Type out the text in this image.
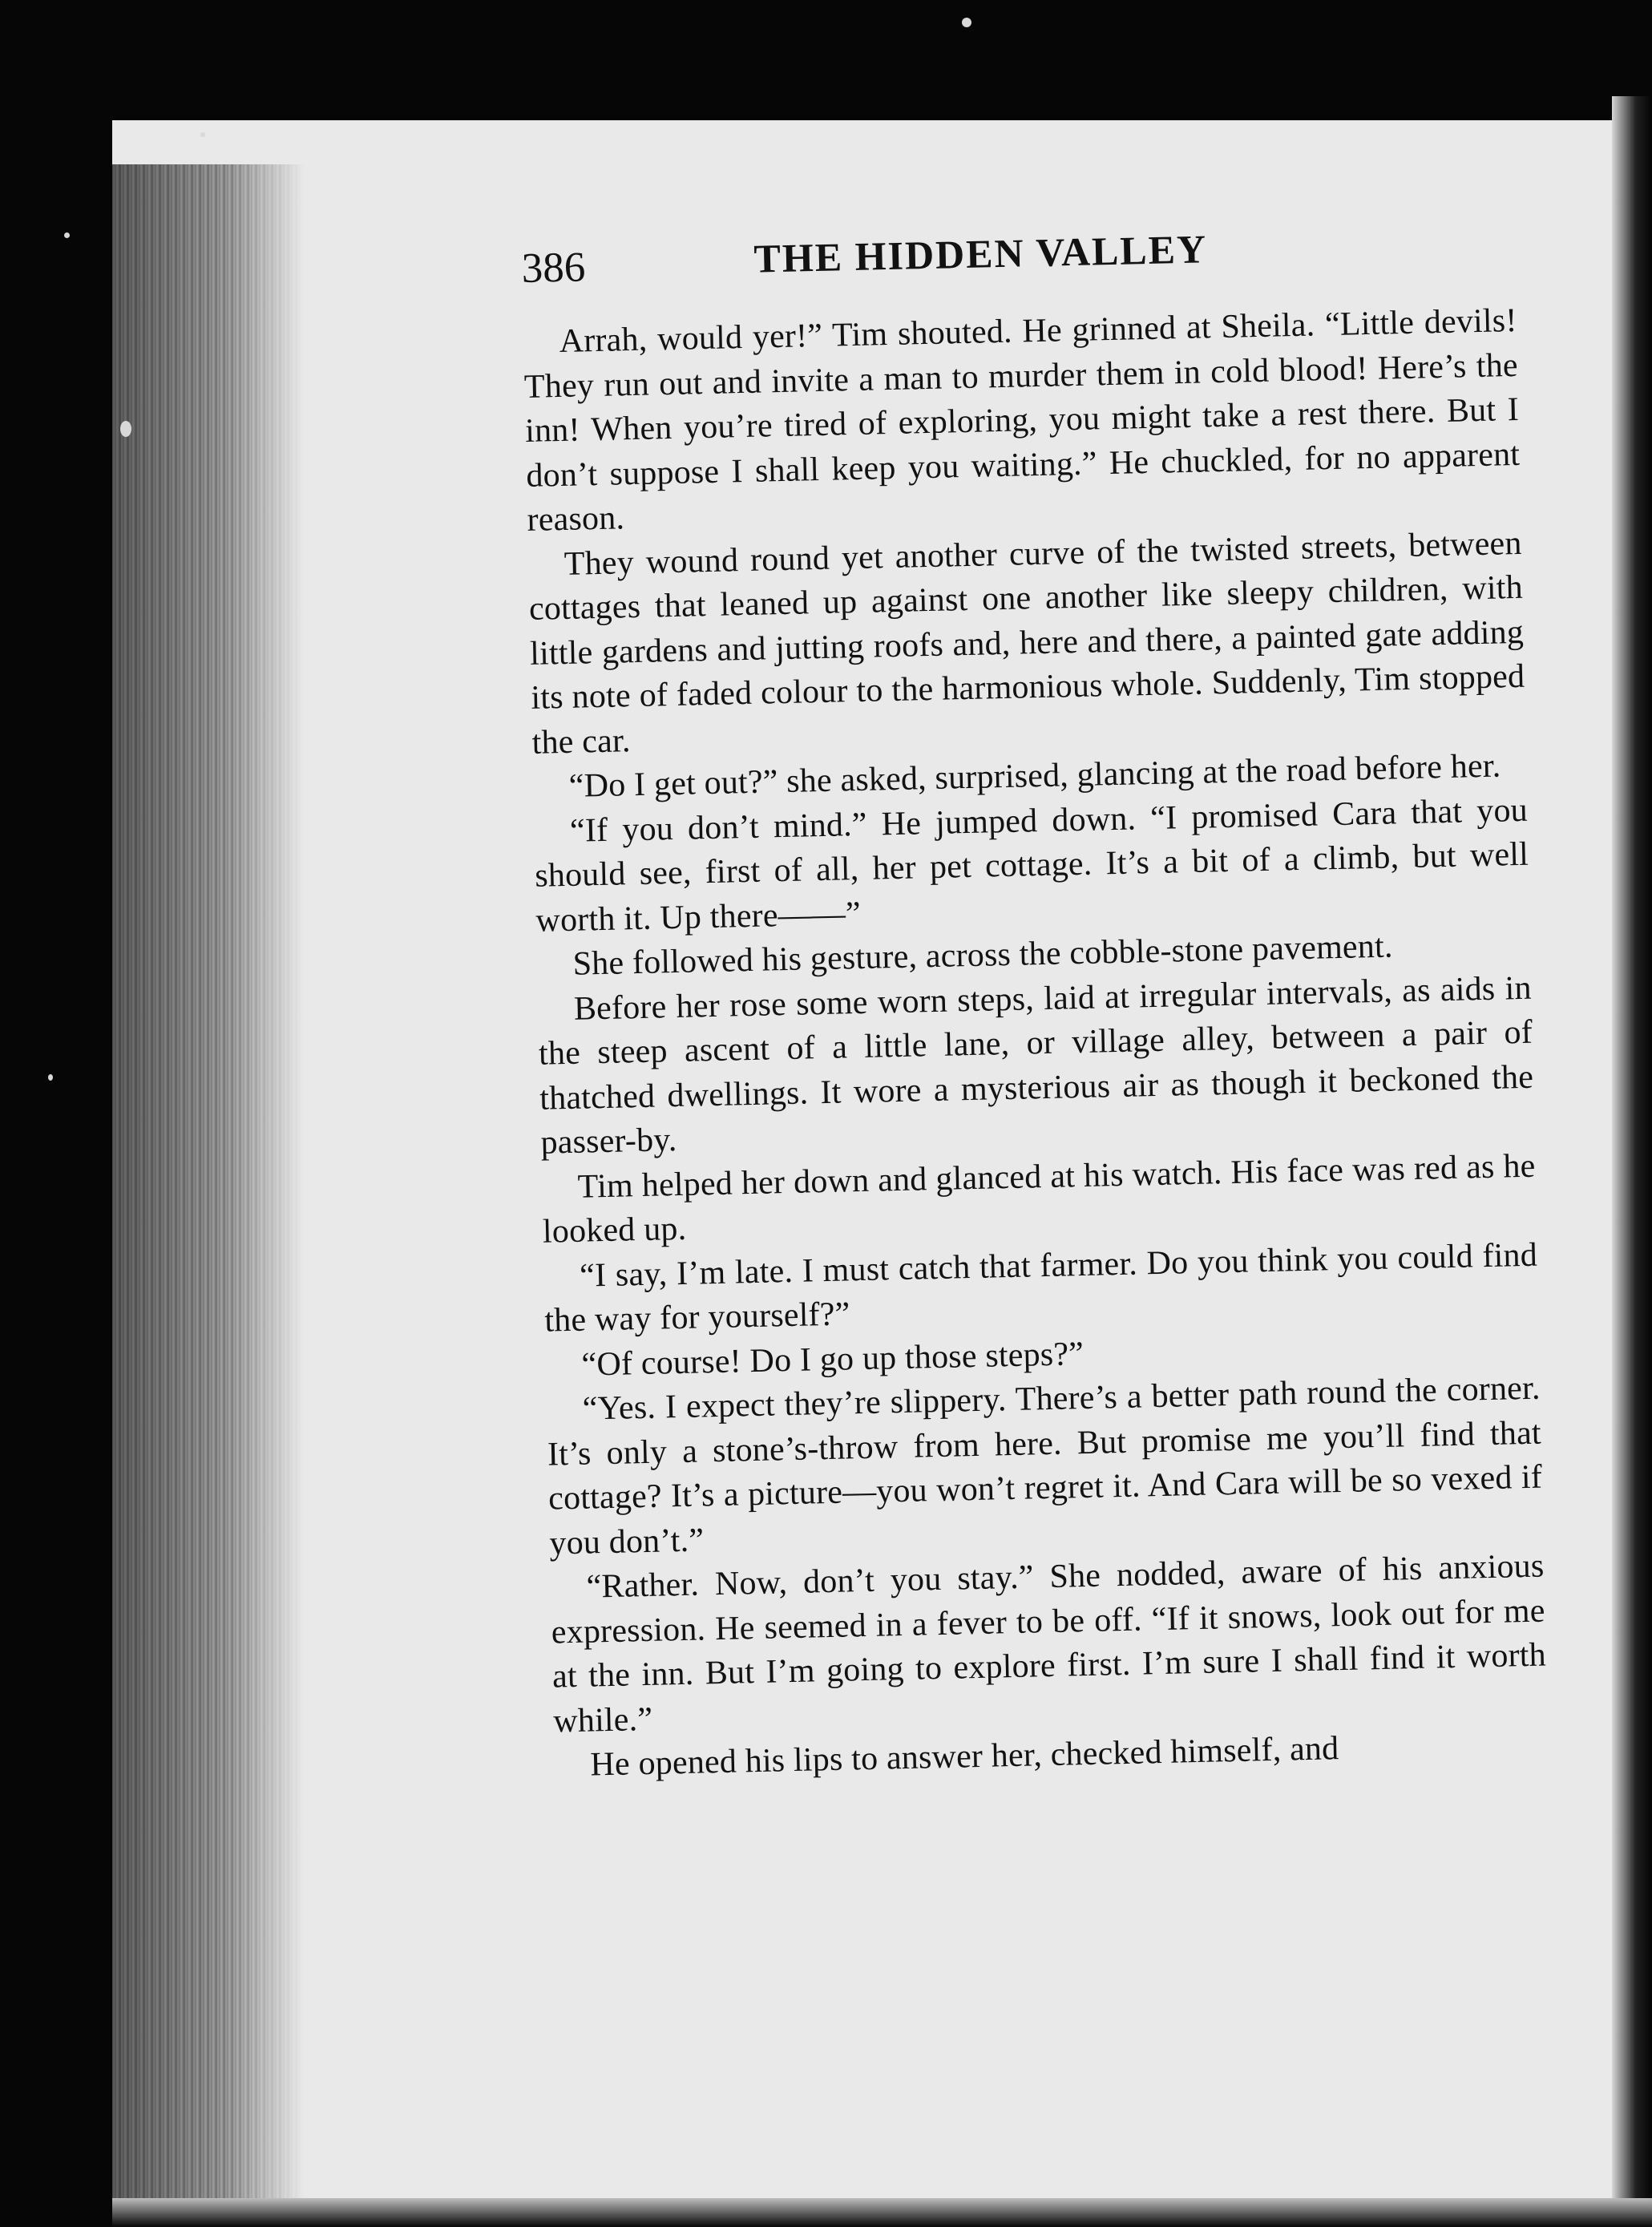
386	THE HIDDEN VALLEY

Arrah, would yer!” Tim shouted. He grinned at Sheila. “Little devils! They run out and invite a man to murder them in cold blood! Here’s the inn! When you’re tired of exploring, you might take a rest there. But I don’t suppose I shall keep you waiting.” He chuckled, for no apparent reason.

They wound round yet another curve of the twisted streets, between cottages that leaned up against one another like sleepy children, with little gardens and jutting roofs and, here and there, a painted gate adding its note of faded colour to the harmonious whole. Suddenly, Tim stopped the car.

“Do I get out?” she asked, surprised, glancing at the road before her.

“If you don’t mind.” He jumped down. “I promised Cara that you should see, first of all, her pet cottage. It’s a bit of a climb, but well worth it. Up there——”

She followed his gesture, across the cobble-stone pavement.

Before her rose some worn steps, laid at irregular intervals, as aids in the steep ascent of a little lane, or village alley, between a pair of thatched dwellings. It wore a mysterious air as though it beckoned the passer-by.

Tim helped her down and glanced at his watch. His face was red as he looked up.

“I say, I’m late. I must catch that farmer. Do you think you could find the way for yourself?”

“Of course! Do I go up those steps?”

“Yes. I expect they’re slippery. There’s a better path round the corner. It’s only a stone’s-throw from here. But promise me you’ll find that cottage? It’s a picture—you won’t regret it. And Cara will be so vexed if you don’t.”

“Rather. Now, don’t you stay.” She nodded, aware of his anxious expression. He seemed in a fever to be off. “If it snows, look out for me at the inn. But I’m going to explore first. I’m sure I shall find it worth while.”

He opened his lips to answer her, checked himself, and
